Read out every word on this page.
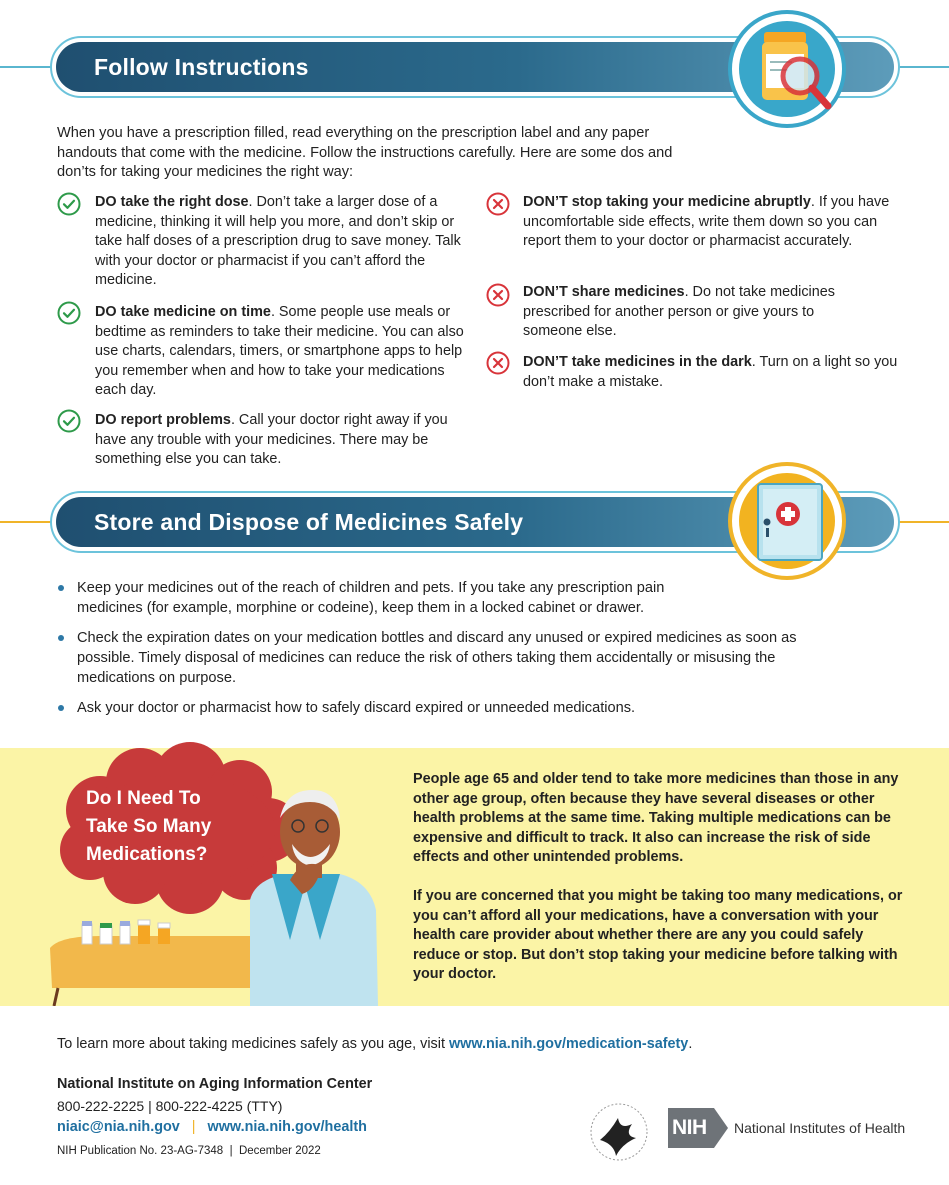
Follow Instructions
When you have a prescription filled, read everything on the prescription label and any paper handouts that come with the medicine. Follow the instructions carefully. Here are some dos and don’ts for taking your medicines the right way:
DO take the right dose. Don’t take a larger dose of a medicine, thinking it will help you more, and don’t skip or take half doses of a prescription drug to save money. Talk with your doctor or pharmacist if you can’t afford the medicine.
DO take medicine on time. Some people use meals or bedtime as reminders to take their medicine. You can also use charts, calendars, timers, or smartphone apps to help you remember when and how to take your medications each day.
DO report problems. Call your doctor right away if you have any trouble with your medicines. There may be something else you can take.
DON’T stop taking your medicine abruptly. If you have uncomfortable side effects, write them down so you can report them to your doctor or pharmacist accurately.
DON’T share medicines. Do not take medicines prescribed for another person or give yours to someone else.
DON’T take medicines in the dark. Turn on a light so you don’t make a mistake.
Store and Dispose of Medicines Safely
Keep your medicines out of the reach of children and pets. If you take any prescription pain medicines (for example, morphine or codeine), keep them in a locked cabinet or drawer.
Check the expiration dates on your medication bottles and discard any unused or expired medicines as soon as possible. Timely disposal of medicines can reduce the risk of others taking them accidentally or misusing the medications on purpose.
Ask your doctor or pharmacist how to safely discard expired or unneeded medications.
Do I Need To Take So Many Medications?
People age 65 and older tend to take more medicines than those in any other age group, often because they have several diseases or other health problems at the same time. Taking multiple medications can be expensive and difficult to track. It also can increase the risk of side effects and other unintended problems.
If you are concerned that you might be taking too many medications, or you can’t afford all your medications, have a conversation with your health care provider about whether there are any you could safely reduce or stop. But don’t stop taking your medicine before talking with your doctor.
To learn more about taking medicines safely as you age, visit www.nia.nih.gov/medication-safety.
National Institute on Aging Information Center
800-222-2225 | 800-222-4225 (TTY)
niaic@nia.nih.gov | www.nia.nih.gov/health
NIH Publication No. 23-AG-7348  |  December 2022
NIH National Institutes of Health
